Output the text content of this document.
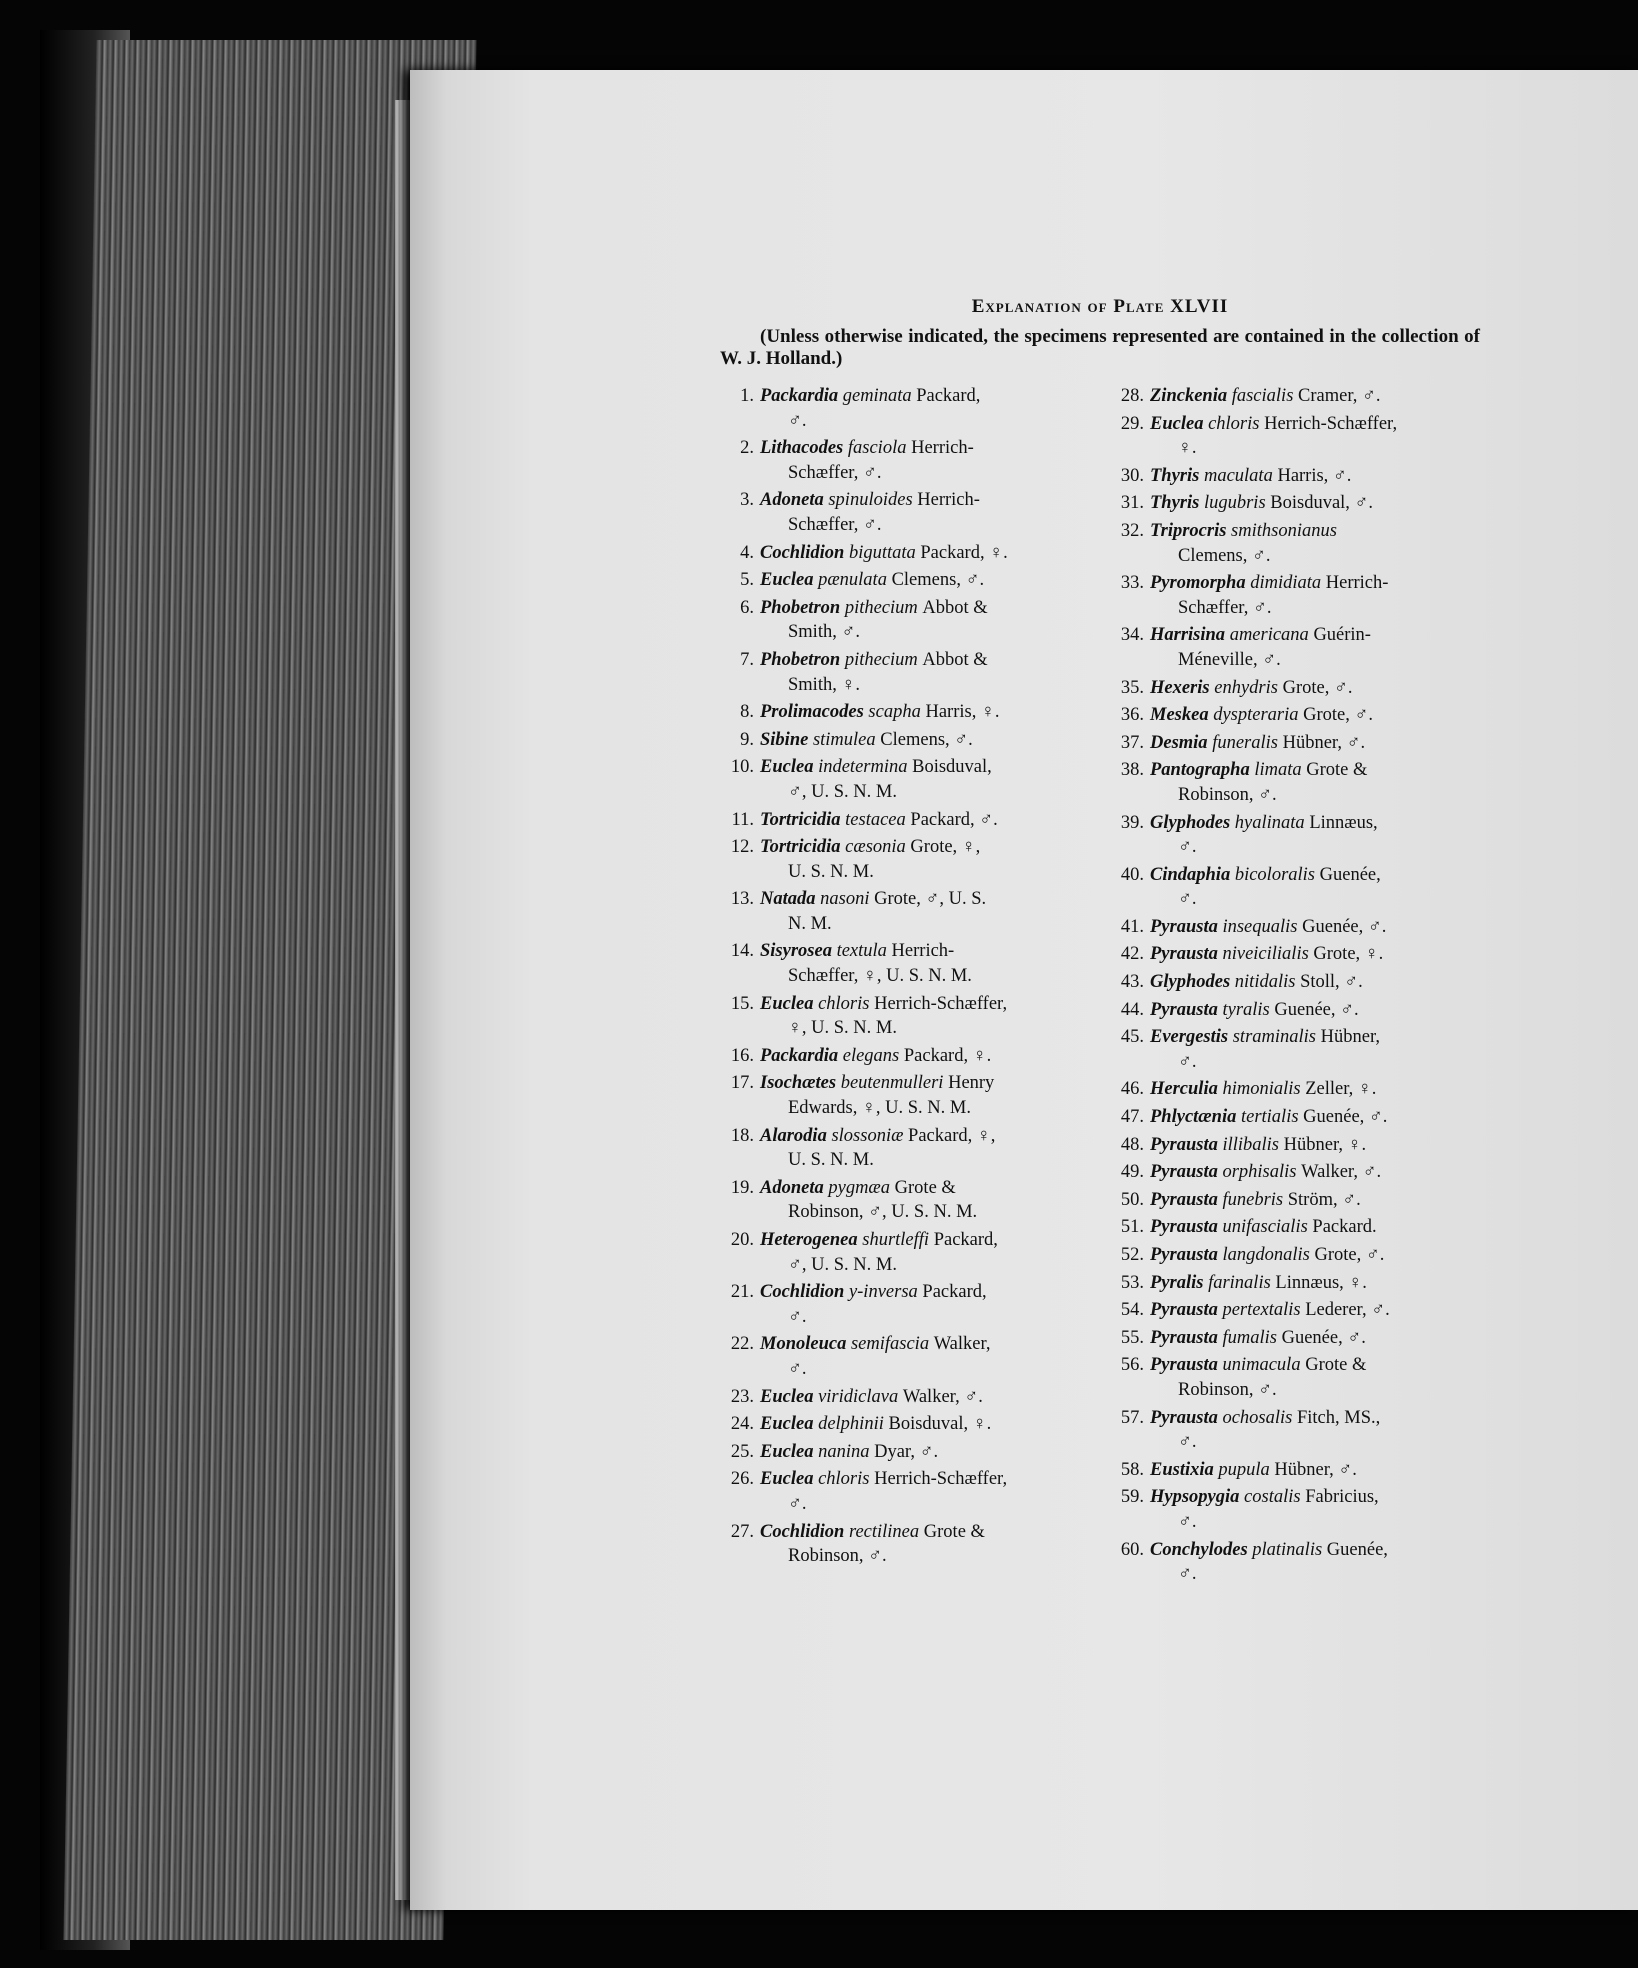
Explanation of Plate XLVII
(Unless otherwise indicated, the specimens represented are contained in the collection of W. J. Holland.)
1. Packardia geminata Packard,
♂.
2. Lithacodes fasciola Herrich-
Schæffer, ♂.
3. Adoneta spinuloides Herrich-
Schæffer, ♂.
4. Cochlidion biguttata Packard, ♀.
5. Euclea pænulata Clemens, ♂.
6. Phobetron pithecium Abbot &
Smith, ♂.
7. Phobetron pithecium Abbot &
Smith, ♀.
8. Prolimacodes scapha Harris, ♀.
9. Sibine stimulea Clemens, ♂.
10. Euclea indetermina Boisduval,
♂, U. S. N. M.
11. Tortricidia testacea Packard, ♂.
12. Tortricidia cæsonia Grote, ♀,
U. S. N. M.
13. Natada nasoni Grote, ♂, U. S.
N. M.
14. Sisyrosea textula Herrich-
Schæffer, ♀, U. S. N. M.
15. Euclea chloris Herrich-Schæffer,
♀, U. S. N. M.
16. Packardia elegans Packard, ♀.
17. Isochætes beutenmulleri Henry
Edwards, ♀, U. S. N. M.
18. Alarodia slossoniæ Packard, ♀,
U. S. N. M.
19. Adoneta pygmæa Grote &
Robinson, ♂, U. S. N. M.
20. Heterogenea shurtleffi Packard,
♂, U. S. N. M.
21. Cochlidion y-inversa Packard,
♂.
22. Monoleuca semifascia Walker,
♂.
23. Euclea viridiclava Walker, ♂.
24. Euclea delphinii Boisduval, ♀.
25. Euclea nanina Dyar, ♂.
26. Euclea chloris Herrich-Schæffer,
♂.
27. Cochlidion rectilinea Grote &
Robinson, ♂.
28. Zinckenia fascialis Cramer, ♂.
29. Euclea chloris Herrich-Schæffer,
♀.
30. Thyris maculata Harris, ♂.
31. Thyris lugubris Boisduval, ♂.
32. Triprocris smithsonianus
Clemens, ♂.
33. Pyromorpha dimidiata Herrich-
Schæffer, ♂.
34. Harrisina americana Guérin-
Méneville, ♂.
35. Hexeris enhydris Grote, ♂.
36. Meskea dyspteraria Grote, ♂.
37. Desmia funeralis Hübner, ♂.
38. Pantographa limata Grote &
Robinson, ♂.
39. Glyphodes hyalinata Linnæus,
♂.
40. Cindaphia bicoloralis Guenée,
♂.
41. Pyrausta insequalis Guenée, ♂.
42. Pyrausta niveicilialis Grote, ♀.
43. Glyphodes nitidalis Stoll, ♂.
44. Pyrausta tyralis Guenée, ♂.
45. Evergestis straminalis Hübner,
♂.
46. Herculia himonialis Zeller, ♀.
47. Phlyctænia tertialis Guenée, ♂.
48. Pyrausta illibalis Hübner, ♀.
49. Pyrausta orphisalis Walker, ♂.
50. Pyrausta funebris Ström, ♂.
51. Pyrausta unifascialis Packard.
52. Pyrausta langdonalis Grote, ♂.
53. Pyralis farinalis Linnæus, ♀.
54. Pyrausta pertextalis Lederer, ♂.
55. Pyrausta fumalis Guenée, ♂.
56. Pyrausta unimacula Grote &
Robinson, ♂.
57. Pyrausta ochosalis Fitch, MS.,
♂.
58. Eustixia pupula Hübner, ♂.
59. Hypsopygia costalis Fabricius,
♂.
60. Conchylodes platinalis Guenée,
♂.
